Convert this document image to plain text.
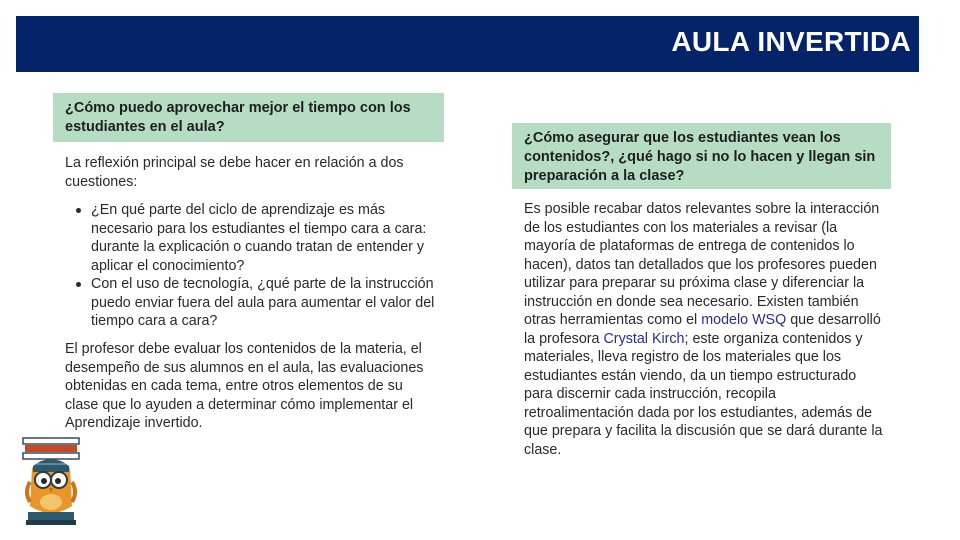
AULA INVERTIDA
¿Cómo puedo aprovechar mejor el tiempo con los estudiantes en el aula?
La reflexión principal se debe hacer en relación a dos cuestiones:
¿En qué parte del ciclo de aprendizaje es más necesario para los estudiantes el tiempo cara a cara: durante la explicación o cuando tratan de entender y aplicar el conocimiento?
Con el uso de tecnología, ¿qué parte de la instrucción puedo enviar fuera del aula para aumentar el valor del tiempo cara a cara?
El profesor debe evaluar los contenidos de la materia, el desempeño de sus alumnos en el aula, las evaluaciones obtenidas en cada tema, entre otros elementos de su clase que lo ayuden a determinar cómo implementar el Aprendizaje invertido.
¿Cómo asegurar que los estudiantes vean los contenidos?, ¿qué hago si no lo hacen y llegan sin preparación a la clase?
Es posible recabar datos relevantes sobre la interacción de los estudiantes con los materiales a revisar (la mayoría de plataformas de entrega de contenidos lo hacen), datos tan detallados que los profesores pueden utilizar para preparar su próxima clase y diferenciar la instrucción en donde sea necesario. Existen también otras herramientas como el modelo WSQ que desarrolló la profesora Crystal Kirch; este organiza contenidos y materiales, lleva registro de los materiales que los estudiantes están viendo, da un tiempo estructurado para discernir cada instrucción, recopila retroalimentación dada por los estudiantes, además de que prepara y facilita la discusión que se dará durante la clase.
